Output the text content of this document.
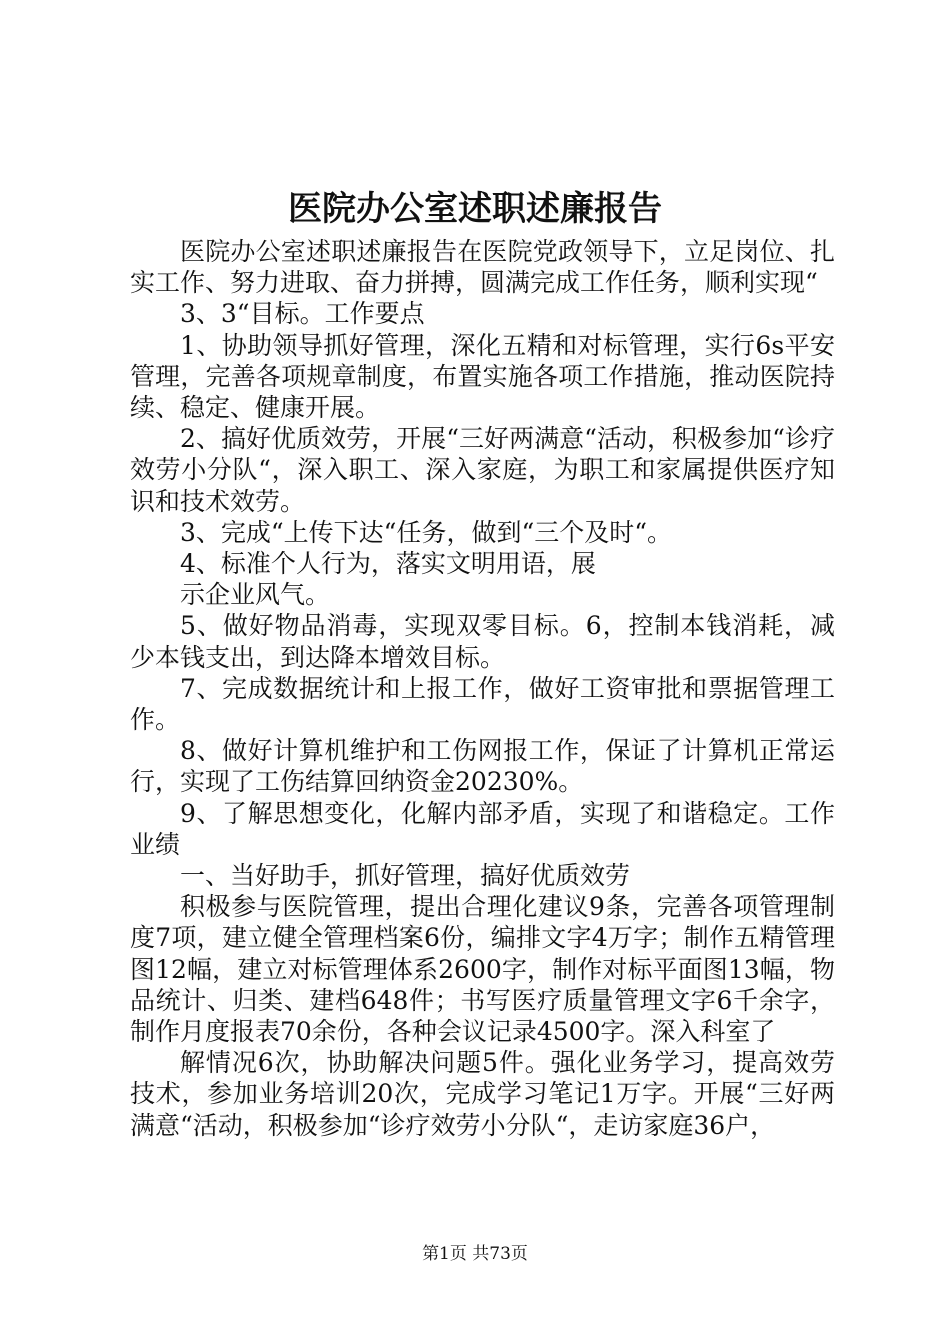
医院办公室述职述廉报告

医院办公室述职述廉报告在医院党政领导下，立足岗位、扎实工作、努力进取、奋力拼搏，圆满完成工作任务，顺利实现“

3、3“目标。工作要点

1、协助领导抓好管理，深化五精和对标管理，实行6s平安管理，完善各项规章制度，布置实施各项工作措施，推动医院持续、稳定、健康开展。

2、搞好优质效劳，开展“三好两满意“活动，积极参加“诊疗效劳小分队“，深入职工、深入家庭，为职工和家属提供医疗知识和技术效劳。

3、完成“上传下达“任务，做到“三个及时“。

4、标准个人行为，落实文明用语，展

示企业风气。

5、做好物品消毒，实现双零目标。6，控制本钱消耗，减少本钱支出，到达降本增效目标。

7、完成数据统计和上报工作，做好工资审批和票据管理工作。

8、做好计算机维护和工伤网报工作，保证了计算机正常运行，实现了工伤结算回纳资金20230%。

9、了解思想变化，化解内部矛盾，实现了和谐稳定。工作业绩

一、当好助手，抓好管理，搞好优质效劳

积极参与医院管理，提出合理化建议9条，完善各项管理制度7项，建立健全管理档案6份，编排文字4万字；制作五精管理图12幅，建立对标管理体系2600字，制作对标平面图13幅，物品统计、归类、建档648件；书写医疗质量管理文字6千余字，制作月度报表70余份，各种会议记录4500字。深入科室了

解情况6次，协助解决问题5件。强化业务学习，提高效劳技术，参加业务培训20次，完成学习笔记1万字。开展“三好两满意“活动，积极参加“诊疗效劳小分队“，走访家庭36户，

第1页 共73页
